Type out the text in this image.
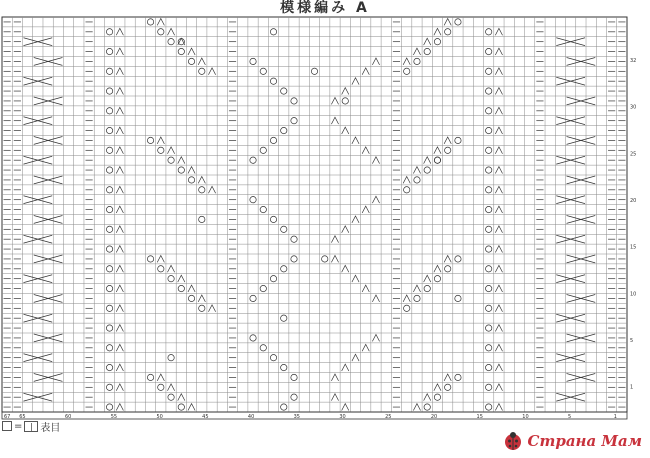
模様編み A
67 65	60	55	50	45	40	35	30	25	20	15	10	5	1
32
30
25
20
15
10
5
1
= | 表目
Страна Мам
